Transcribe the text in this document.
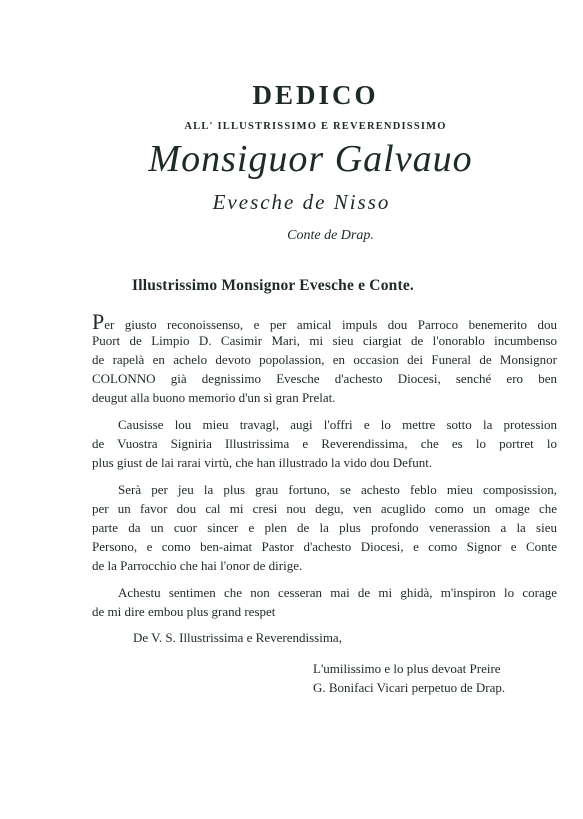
DEDICO
ALL' ILLUSTRISSIMO E REVERENDISSIMO
Monsiguor Galvauo
Evesche de Nisso
Conte de Drap.
Illustrissimo Monsignor Evesche e Conte.
Per giusto reconoissenso, e per amical impuls dou Parroco benemerito dou
Puort de Limpio D. Casimir Mari, mi sieu ciargiat de l'onorablo incumbenso
de rapelà en achelo devoto popolassion, en occasion dei Funeral de Monsignor
COLONNO già degnissimo Evesche d'achesto Diocesi, senché ero ben
deugut alla buono memorio d'un sì gran Prelat.
Causisse lou mieu travagl, augi l'offri e lo mettre sotto la protession
de Vuostra Signiria Illustrissima e Reverendissima, che es lo portret lo
plus giust de lai rarai virtù, che han illustrado la vido dou Defunt.
Serà per jeu la plus grau fortuno, se achesto feblo mieu composission,
per un favor dou cal mi cresi nou degu, ven acuglido como un omage che
parte da un cuor sincer e plen de la plus profondo venerassion a la sieu
Persono, e como ben-aimat Pastor d'achesto Diocesi, e como Signor e Conte
de la Parrocchio che hai l'onor de dirige.
Achestu sentimen che non cesseran mai de mi ghidà, m'inspiron lo corage
de mi dire embou plus grand respet
De V. S. Illustrissima e Reverendissima,
L'umilissimo e lo plus devoat Preire
G. Bonifaci Vicari perpetuo de Drap.
